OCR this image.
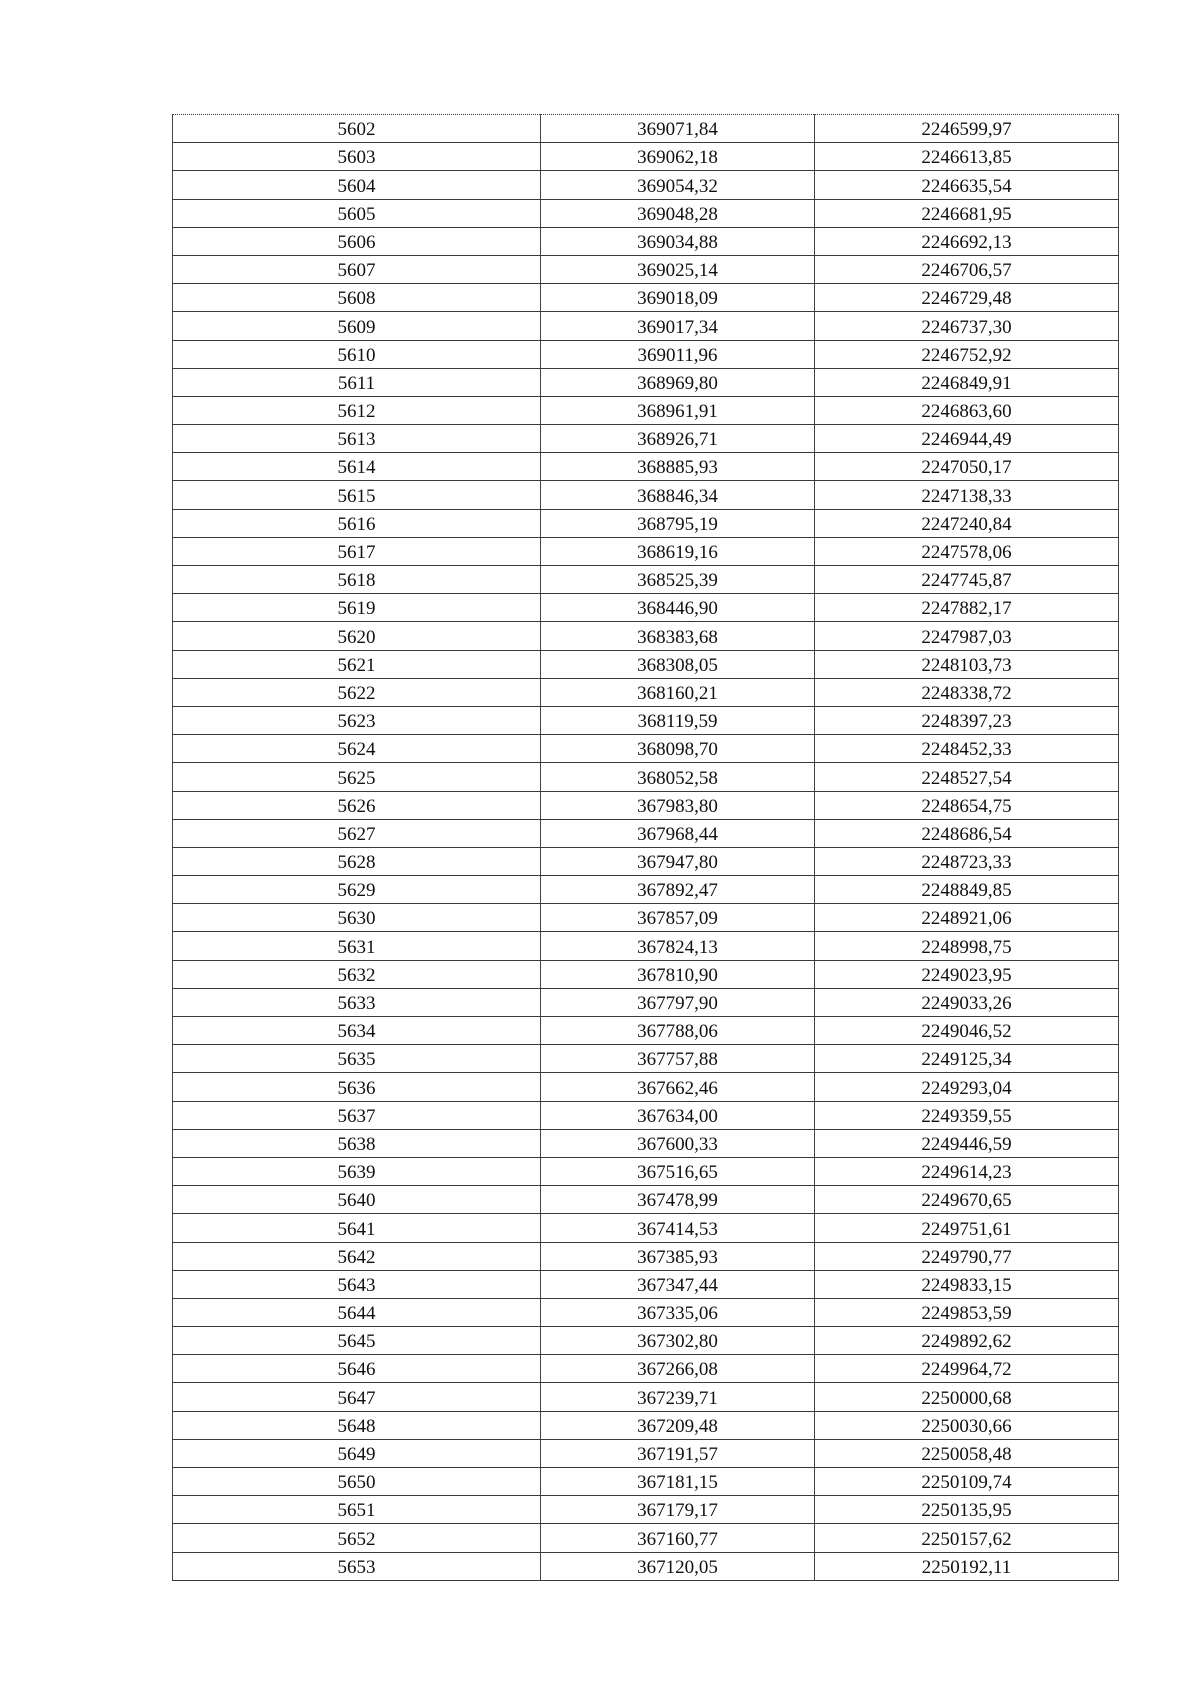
5602	369071,84	2246599,97
5603	369062,18	2246613,85
5604	369054,32	2246635,54
5605	369048,28	2246681,95
5606	369034,88	2246692,13
5607	369025,14	2246706,57
5608	369018,09	2246729,48
5609	369017,34	2246737,30
5610	369011,96	2246752,92
5611	368969,80	2246849,91
5612	368961,91	2246863,60
5613	368926,71	2246944,49
5614	368885,93	2247050,17
5615	368846,34	2247138,33
5616	368795,19	2247240,84
5617	368619,16	2247578,06
5618	368525,39	2247745,87
5619	368446,90	2247882,17
5620	368383,68	2247987,03
5621	368308,05	2248103,73
5622	368160,21	2248338,72
5623	368119,59	2248397,23
5624	368098,70	2248452,33
5625	368052,58	2248527,54
5626	367983,80	2248654,75
5627	367968,44	2248686,54
5628	367947,80	2248723,33
5629	367892,47	2248849,85
5630	367857,09	2248921,06
5631	367824,13	2248998,75
5632	367810,90	2249023,95
5633	367797,90	2249033,26
5634	367788,06	2249046,52
5635	367757,88	2249125,34
5636	367662,46	2249293,04
5637	367634,00	2249359,55
5638	367600,33	2249446,59
5639	367516,65	2249614,23
5640	367478,99	2249670,65
5641	367414,53	2249751,61
5642	367385,93	2249790,77
5643	367347,44	2249833,15
5644	367335,06	2249853,59
5645	367302,80	2249892,62
5646	367266,08	2249964,72
5647	367239,71	2250000,68
5648	367209,48	2250030,66
5649	367191,57	2250058,48
5650	367181,15	2250109,74
5651	367179,17	2250135,95
5652	367160,77	2250157,62
5653	367120,05	2250192,11
